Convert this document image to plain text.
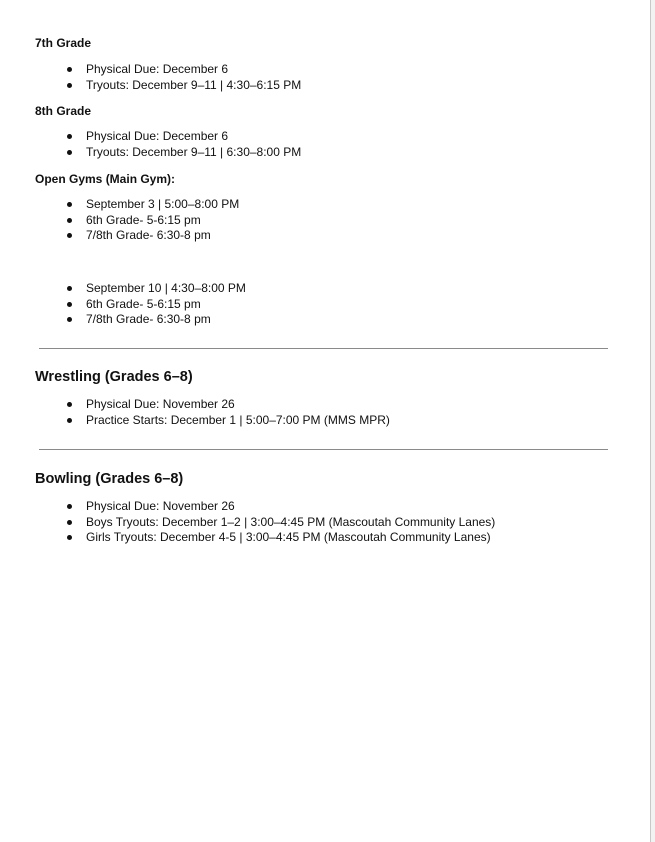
7th Grade
Physical Due: December 6
Tryouts: December 9–11 | 4:30–6:15 PM
8th Grade
Physical Due: December 6
Tryouts: December 9–11 | 6:30–8:00 PM
Open Gyms (Main Gym):
September 3 | 5:00–8:00 PM
6th Grade- 5-6:15 pm
7/8th Grade- 6:30-8 pm
September 10 | 4:30–8:00 PM
6th Grade- 5-6:15 pm
7/8th Grade- 6:30-8 pm
Wrestling (Grades 6–8)
Physical Due: November 26
Practice Starts: December 1 | 5:00–7:00 PM (MMS MPR)
Bowling (Grades 6–8)
Physical Due: November 26
Boys Tryouts: December 1–2 | 3:00–4:45 PM (Mascoutah Community Lanes)
Girls Tryouts: December 4-5 | 3:00–4:45 PM (Mascoutah Community Lanes)
